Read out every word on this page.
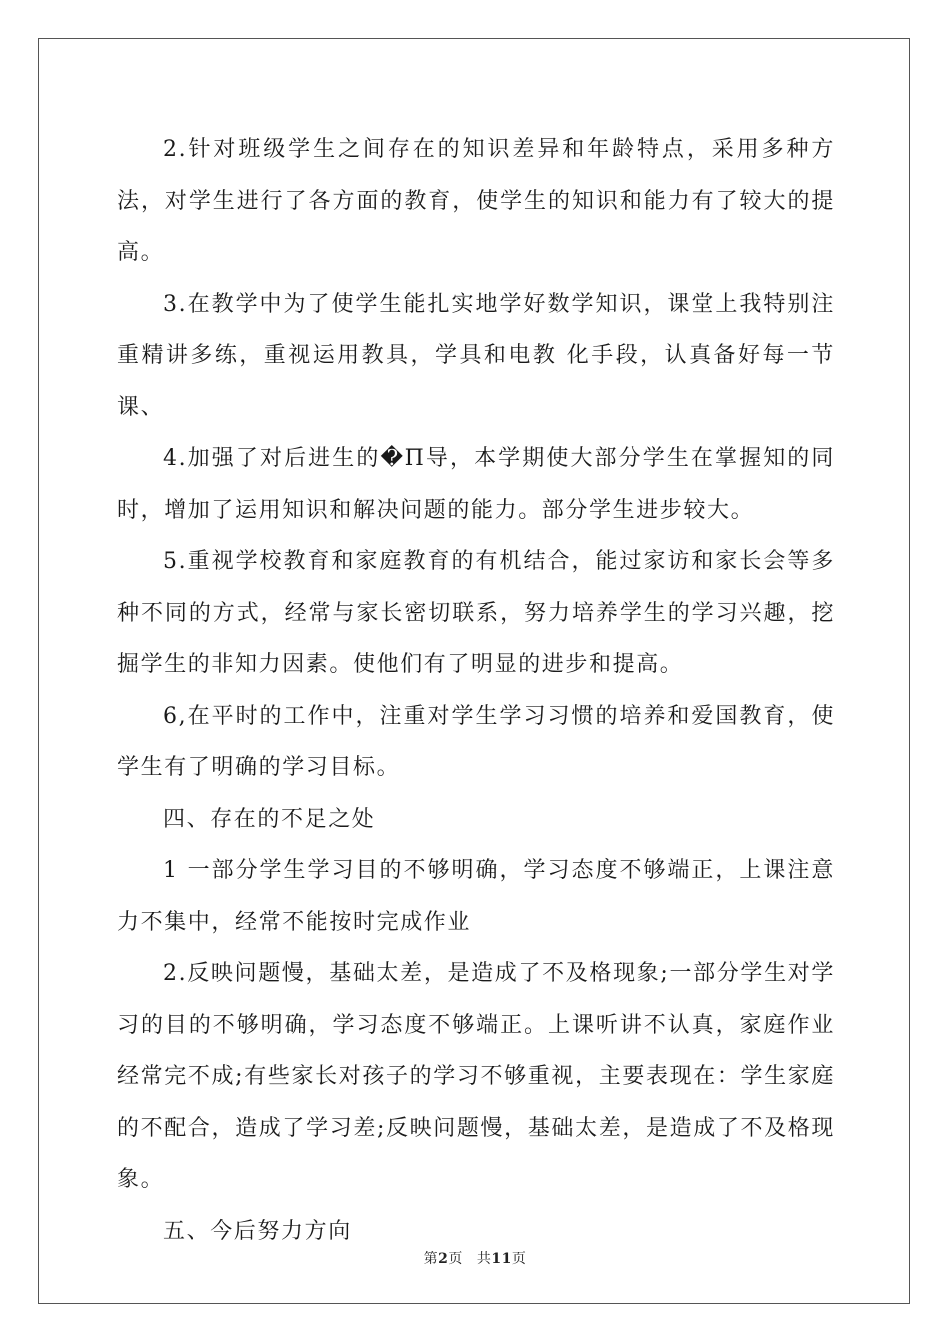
2.针对班级学生之间存在的知识差异和年龄特点，采用多种方法，对学生进行了各方面的教育，使学生的知识和能力有了较大的提高。

3.在教学中为了使学生能扎实地学好数学知识，课堂上我特别注重精讲多练，重视运用教具，学具和电教 化手段，认真备好每一节课、

4.加强了对后进生的�П导，本学期使大部分学生在掌握知的同时，增加了运用知识和解决问题的能力。部分学生进步较大。

5.重视学校教育和家庭教育的有机结合，能过家访和家长会等多种不同的方式，经常与家长密切联系，努力培养学生的学习兴趣，挖掘学生的非知力因素。使他们有了明显的进步和提高。

6,在平时的工作中，注重对学生学习习惯的培养和爱国教育，使学生有了明确的学习目标。

四、存在的不足之处

1 一部分学生学习目的不够明确，学习态度不够端正，上课注意力不集中，经常不能按时完成作业

2.反映问题慢，基础太差，是造成了不及格现象;一部分学生对学习的目的不够明确，学习态度不够端正。上课听讲不认真，家庭作业经常完不成;有些家长对孩子的学习不够重视，主要表现在：学生家庭的不配合，造成了学习差;反映问题慢，基础太差，是造成了不及格现象。

五、今后努力方向

第2页 共11页
